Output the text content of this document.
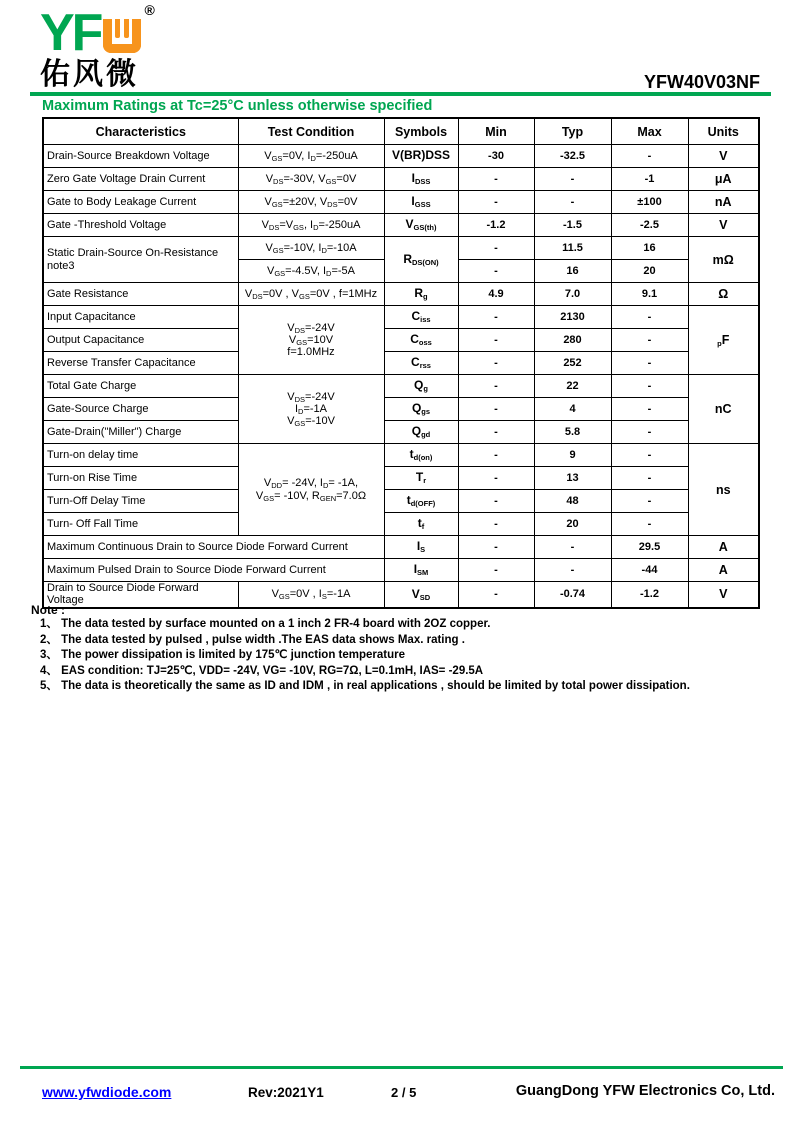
YF	®
佑风微	YFW40V03NF
Maximum Ratings at Tc=25°C unless otherwise specified
Characteristics	Test Condition	Symbols	Min	Typ	Max	Units
Drain-Source Breakdown Voltage	$V_{GS}=0V$, $I_D=-250uA$	V(BR)DSS	-30	-32.5	-	V
Zero Gate Voltage Drain Current	$V_{DS}=-30V$, $V_{GS}=0V$	$I_{DSS}$	-	-	-1	μA
Gate to Body Leakage Current	$V_{GS}=\pm 20V$, $V_{DS}=0V$	$I_{GSS}$	-	-	±100	nA
Gate -Threshold Voltage	$V_{DS}=V_{GS}$, $I_D=-250uA$	$V_{GS(th)}$	-1.2	-1.5	-2.5	V
Static Drain-Source On-Resistance
note3	$V_{GS}=-10V$, $I_D=-10A$	$R_{DS(ON)}$	-	11.5	16	mΩ
	$V_{GS}=-4.5V$, $I_D=-5A$		-	16	20	
Gate Resistance	$V_{DS}=0V$ , $V_{GS}=0V$ , f=1MHz	$R_g$	4.9	7.0	9.1	Ω
Input Capacitance	$V_{DS}=-24V$
$V_{GS}=10V$
f=1.0MHz	$C_{iss}$	-	2130	-	$_p$F
Output Capacitance		$C_{oss}$	-	280	-	
Reverse Transfer Capacitance		$C_{rss}$	-	252	-	
Total Gate Charge	$V_{DS}=-24V$
$I_D=-1A$
$V_{GS}=-10V$	$Q_g$	-	22	-	nC
Gate-Source Charge		$Q_{gs}$	-	4	-	
Gate-Drain("Miller") Charge		$Q_{gd}$	-	5.8	-	
Turn-on delay time	$V_{DD}= -24V$, $I_D= -1A$,
$V_{GS}= -10V$, $R_{GEN}=7.0\Omega$	$t_{d(on)}$	-	9	-	ns
Turn-on Rise Time		$T_r$	-	13	-	
Turn-Off Delay Time		$t_{d(OFF)}$	-	48	-	
Turn- Off Fall Time		$t_f$	-	20	-	
Maximum Continuous Drain to Source Diode Forward Current		$I_S$	-	-	29.5	A
Maximum Pulsed Drain to Source Diode Forward Current		$I_{SM}$	-	-	-44	A
Drain to Source Diode Forward Voltage	$V_{GS}=0V$ , $I_S=-1A$	$V_{SD}$	-	-0.74	-1.2	V
Note :
1、 The data tested by surface mounted on a 1 inch 2 FR-4 board with 2OZ copper.
2、 The data tested by pulsed , pulse width .The EAS data shows Max. rating .
3、 The power dissipation is limited by 175℃ junction temperature
4、 EAS condition: TJ=25℃, VDD= -24V, VG= -10V, RG=7Ω, L=0.1mH, IAS= -29.5A
5、 The data is theoretically the same as ID and IDM , in real applications , should be limited by total power dissipation.
www.yfwdiode.com	Rev:2021Y1	2 / 5	GuangDong YFW Electronics Co, Ltd.
